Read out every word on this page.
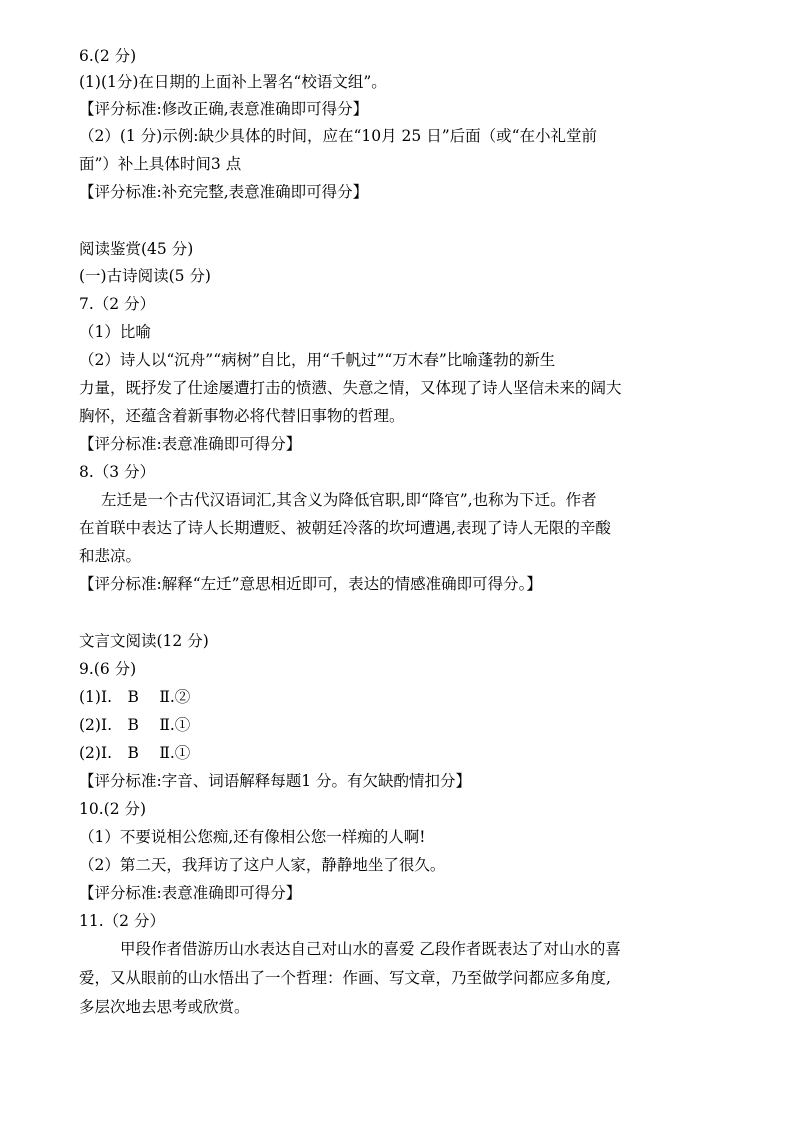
6.(2 分)
(1)(1分)在日期的上面补上署名“校语文组”。
【评分标准:修改正确,表意准确即可得分】
（2）(1 分)示例:缺少具体的时间，应在“10月 25 日”后面（或“在小礼堂前
面”）补上具体时间3 点
【评分标准:补充完整,表意准确即可得分】
阅读鉴赏(45 分)
(一)古诗阅读(5 分)
7.（2 分）
（1）比喻
（2）诗人以“沉舟”“病树”自比，用“千帆过”“万木春”比喻蓬勃的新生
力量，既抒发了仕途屡遭打击的愤懑、失意之情，又体现了诗人坚信未来的阔大
胸怀，还蕴含着新事物必将代替旧事物的哲理。
【评分标准:表意准确即可得分】
8.（3 分）
左迁是一个古代汉语词汇,其含义为降低官职,即“降官”,也称为下迁。作者
在首联中表达了诗人长期遭贬、被朝廷冷落的坎坷遭遇,表现了诗人无限的辛酸
和悲凉。
【评分标准:解释“左迁”意思相近即可，表达的情感准确即可得分。】
文言文阅读(12 分)
9.(6 分)
(1)Ⅰ.　B　 Ⅱ.②
(2)Ⅰ.　B　 Ⅱ.①
(2)Ⅰ.　B　 Ⅱ.①
【评分标准:字音、词语解释每题1 分。有欠缺酌情扣分】
10.(2 分)
（1）不要说相公您痴,还有像相公您一样痴的人啊!
（2）第二天，我拜访了这户人家，静静地坐了很久。
【评分标准:表意准确即可得分】
11.（2 分）
甲段作者借游历山水表达自己对山水的喜爱 乙段作者既表达了对山水的喜
爱，又从眼前的山水悟出了一个哲理：作画、写文章，乃至做学问都应多角度,
多层次地去思考或欣赏。
